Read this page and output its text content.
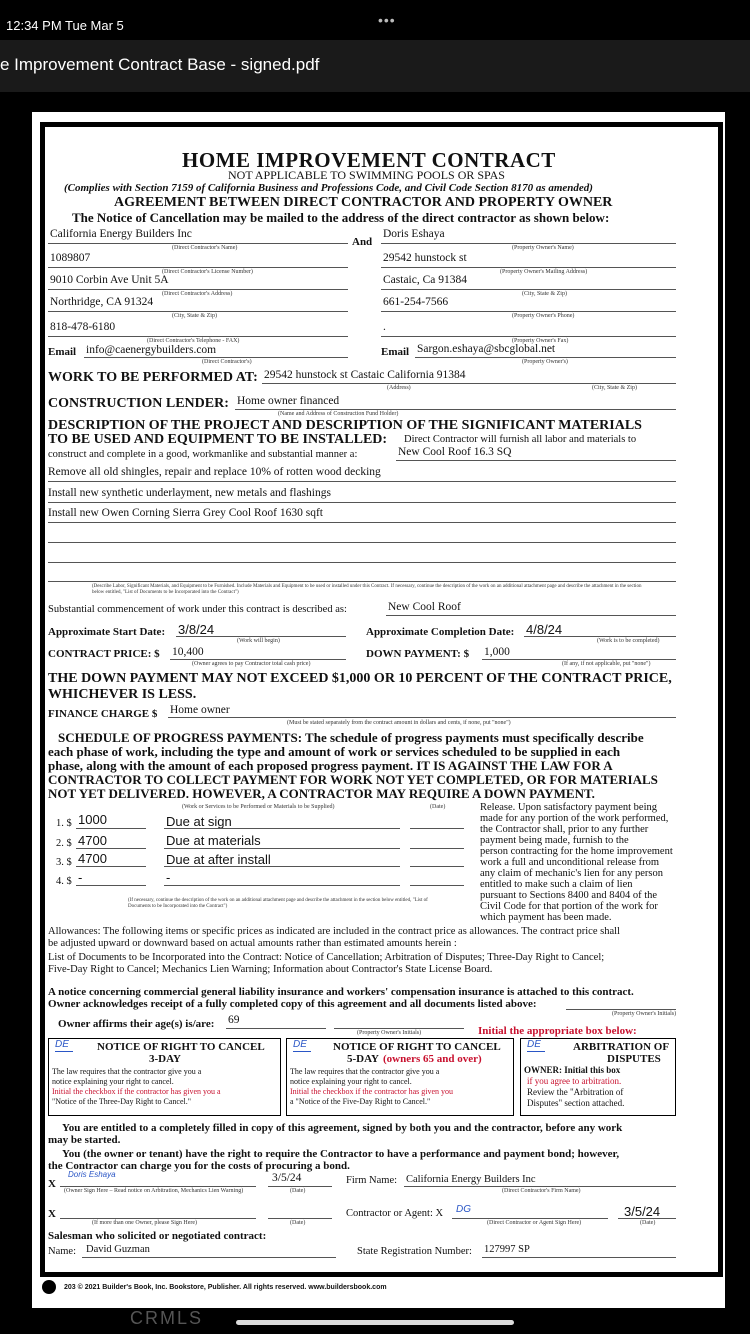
12:34 PM Tue Mar 5	•••
e Improvement Contract Base - signed.pdf
HOME IMPROVEMENT CONTRACT
NOT APPLICABLE TO SWIMMING POOLS OR SPAS
(Complies with Section 7159 of California Business and Professions Code, and Civil Code Section 8170 as amended)
AGREEMENT BETWEEN DIRECT CONTRACTOR AND PROPERTY OWNER
The Notice of Cancellation may be mailed to the address of the direct contractor as shown below:
California Energy Builders Inc
(Direct Contractor's Name)	And
1089807
(Direct Contractor's License Number)
9010 Corbin Ave Unit 5A
(Direct Contractor's Address)
Northridge, CA 91324
(City, State & Zip)
818-478-6180
(Direct Contractor's Telephone - FAX)
Email info@caenergybuilders.com
(Direct Contractor's)
Doris Eshaya
(Property Owner's Name)
29542 hunstock st
(Property Owner's Mailing Address)
Castaic, Ca 91384
(City, State & Zip)
661-254-7566
(Property Owner's Phone)
.
(Property Owner's Fax)
Email Sargon.eshaya@sbcglobal.net
(Property Owner's)
WORK TO BE PERFORMED AT: 29542 hunstock st Castaic California 91384
(Address)	(City, State & Zip)
CONSTRUCTION LENDER: Home owner financed
(Name and Address of Construction Fund Holder)
DESCRIPTION OF THE PROJECT AND DESCRIPTION OF THE SIGNIFICANT MATERIALS
TO BE USED AND EQUIPMENT TO BE INSTALLED: Direct Contractor will furnish all labor and materials to
construct and complete in a good, workmanlike and substantial manner a:	New Cool Roof 16.3 SQ
Remove all old shingles, repair and replace 10% of rotten wood decking
Install new synthetic underlayment, new metals and flashings
Install new Owen Corning Sierra Grey Cool Roof 1630 sqft
(Describe Labor, Significant Materials, and Equipment to be Furnished. Include Materials and Equipment to be used or installed under this Contract. If necessary, continue the description of the work on an additional attachment page and describe the attachment in the section below entitled, "List of Documents to be Incorporated into the Contract")
Substantial commencement of work under this contract is described as:	New Cool Roof
Approximate Start Date: 3/8/24
(Work will begin)
Approximate Completion Date: 4/8/24
(Work is to be completed)
CONTRACT PRICE: $ 10,400
(Owner agrees to pay Contractor total cash price)
DOWN PAYMENT: $ 1,000
(If any, if not applicable, put "none")
THE DOWN PAYMENT MAY NOT EXCEED $1,000 OR 10 PERCENT OF THE CONTRACT PRICE,
WHICHEVER IS LESS.
FINANCE CHARGE $ Home owner
(Must be stated separately from the contract amount in dollars and cents, if none, put "none")
SCHEDULE OF PROGRESS PAYMENTS: The schedule of progress payments must specifically describe
each phase of work, including the type and amount of work or services scheduled to be supplied in each
phase, along with the amount of each proposed progress payment. IT IS AGAINST THE LAW FOR A
CONTRACTOR TO COLLECT PAYMENT FOR WORK NOT YET COMPLETED, OR FOR MATERIALS
NOT YET DELIVERED. HOWEVER, A CONTRACTOR MAY REQUIRE A DOWN PAYMENT.
(Work or Services to be Performed or Materials to be Supplied)	(Date)
1. $ 1000	Due at sign
2. $ 4700	Due at materials
3. $ 4700	Due at after install
4. $ -	-
(If necessary, continue the description of the work on an additional attachment page and describe the attachment in the section below entitled, "List of Documents to be Incorporated into the Contract")
Release. Upon satisfactory payment being
made for any portion of the work performed,
the Contractor shall, prior to any further
payment being made, furnish to the
person contracting for the home improvement
work a full and unconditional release from
any claim of mechanic's lien for any person
entitled to make such a claim of lien
pursuant to Sections 8400 and 8404 of the
Civil Code for that portion of the work for
which payment has been made.
Allowances: The following items or specific prices as indicated are included in the contract price as allowances. The contract price shall
be adjusted upward or downward based on actual amounts rather than estimated amounts herein :
List of Documents to be Incorporated into the Contract: Notice of Cancellation; Arbitration of Disputes; Three-Day Right to Cancel;
Five-Day Right to Cancel; Mechanics Lien Warning; Information about Contractor's State License Board.
A notice concerning commercial general liability insurance and workers' compensation insurance is attached to this contract.
Owner acknowledges receipt of a fully completed copy of this agreement and all documents listed above:
(Property Owner's Initials)
Owner affirms their age(s) is/are: 69
(Property Owner's Initials)	Initial the appropriate box below:
DE	NOTICE OF RIGHT TO CANCEL
3-DAY
The law requires that the contractor give you a
notice explaining your right to cancel.
Initial the checkbox if the contractor has given you a
"Notice of the Three-Day Right to Cancel."
DE NOTICE OF RIGHT TO CANCEL
5-DAY (owners 65 and over)
The law requires that the contractor give you a
notice explaining your right to cancel.
Initial the checkbox if the contractor has given you
a "Notice of the Five-Day Right to Cancel."
DE	ARBITRATION OF
DISPUTES
OWNER: Initial this box
if you agree to arbitration.
Review the "Arbitration of
Disputes" section attached.
You are entitled to a completely filled in copy of this agreement, signed by both you and the contractor, before any work
may be started.
You (the owner or tenant) have the right to require the Contractor to have a performance and payment bond; however,
the Contractor can charge you for the costs of procuring a bond.
X
Doris Eshaya
(Owner Sign Here – Read notice on Arbitration, Mechanics Lien Warning)
3/5/24
(Date)
Firm Name: California Energy Builders Inc
(Direct Contractor's Firm Name)
X
(If more than one Owner, please Sign Here)	(Date)
Contractor or Agent: X DG
(Direct Contractor or Agent Sign Here)
3/5/24
(Date)
Salesman who solicited or negotiated contract:
Name: David Guzman	State Registration Number: 127997 SP
203 © 2021 Builder's Book, Inc. Bookstore, Publisher. All rights reserved. www.buildersbook.com
CRMLS
